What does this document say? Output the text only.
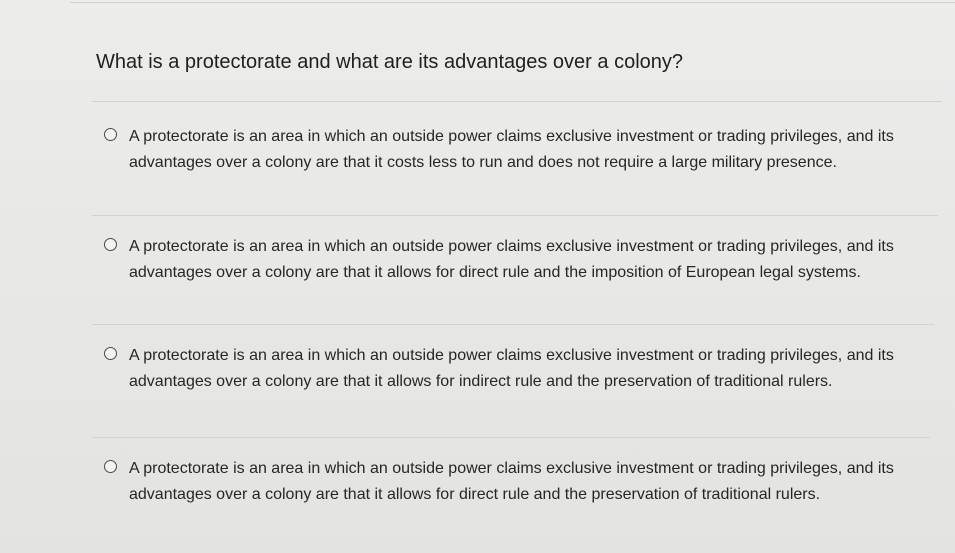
What is a protectorate and what are its advantages over a colony?
A protectorate is an area in which an outside power claims exclusive investment or trading privileges, and its advantages over a colony are that it costs less to run and does not require a large military presence.
A protectorate is an area in which an outside power claims exclusive investment or trading privileges, and its advantages over a colony are that it allows for direct rule and the imposition of European legal systems.
A protectorate is an area in which an outside power claims exclusive investment or trading privileges, and its advantages over a colony are that it allows for indirect rule and the preservation of traditional rulers.
A protectorate is an area in which an outside power claims exclusive investment or trading privileges, and its advantages over a colony are that it allows for direct rule and the preservation of traditional rulers.
